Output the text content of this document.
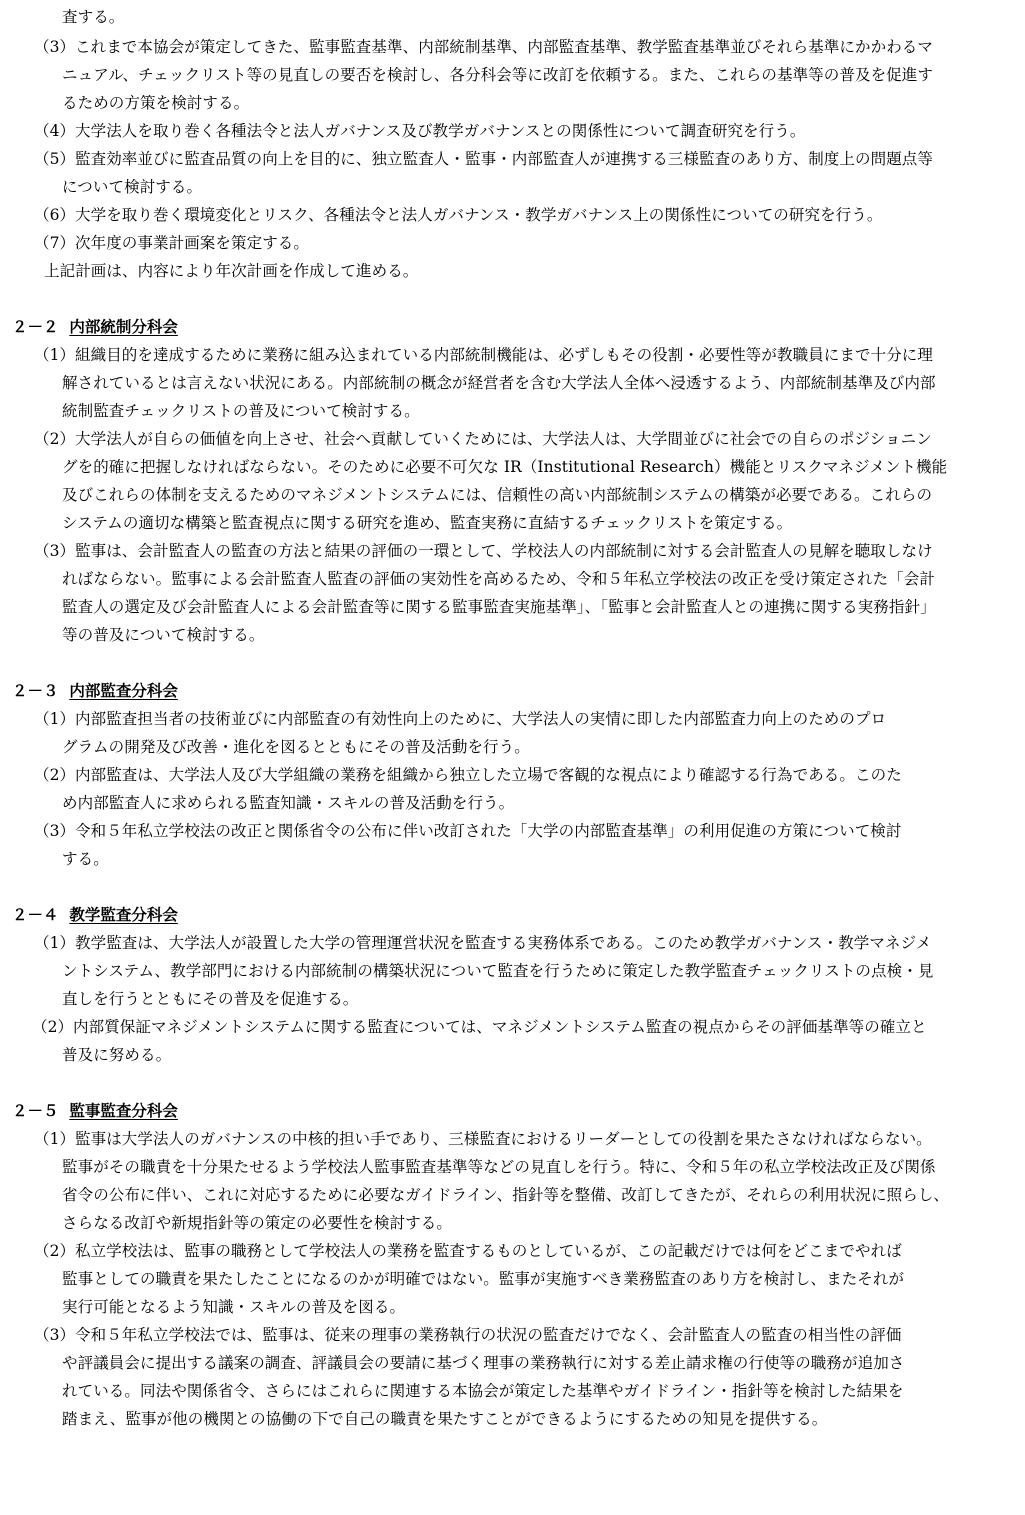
査する。
（3） これまで本協会が策定してきた、監事監査基準、内部統制基準、内部監査基準、教学監査基準並びそれら基準にかかわるマ
ニュアル、チェックリスト等の見直しの要否を検討し、各分科会等に改訂を依頼する。また、これらの基準等の普及を促進す
るための方策を検討する。
（4） 大学法人を取り巻く各種法令と法人ガバナンス及び教学ガバナンスとの関係性について調査研究を行う。
（5） 監査効率並びに監査品質の向上を目的に、独立監査人・監事・内部監査人が連携する三様監査のあり方、制度上の問題点等
について検討する。
（6） 大学を取り巻く環境変化とリスク、各種法令と法人ガバナンス・教学ガバナンス上の関係性についての研究を行う。
（7） 次年度の事業計画案を策定する。
上記計画は、内容により年次計画を作成して進める。
２－２ 内部統制分科会
（1） 組織目的を達成するために業務に組み込まれている内部統制機能は、必ずしもその役割・必要性等が教職員にまで十分に理
解されているとは言えない状況にある。内部統制の概念が経営者を含む大学法人全体へ浸透するよう、内部統制基準及び内部
統制監査チェックリストの普及について検討する。
（2） 大学法人が自らの価値を向上させ、社会へ貢献していくためには、大学法人は、大学間並びに社会での自らのポジショニン
グを的確に把握しなければならない。そのために必要不可欠な IR（Institutional Research）機能とリスクマネジメント機能
及びこれらの体制を支えるためのマネジメントシステムには、信頼性の高い内部統制システムの構築が必要である。これらの
システムの適切な構築と監査視点に関する研究を進め、監査実務に直結するチェックリストを策定する。
（3） 監事は、会計監査人の監査の方法と結果の評価の一環として、学校法人の内部統制に対する会計監査人の見解を聴取しなけ
ればならない。監事による会計監査人監査の評価の実効性を高めるため、令和５年私立学校法の改正を受け策定された「会計
監査人の選定及び会計監査人による会計監査等に関する監事監査実施基準」、「監事と会計監査人との連携に関する実務指針」
等の普及について検討する。
２－３ 内部監査分科会
（1） 内部監査担当者の技術並びに内部監査の有効性向上のために、大学法人の実情に即した内部監査力向上のためのプロ
グラムの開発及び改善・進化を図るとともにその普及活動を行う。
（2） 内部監査は、大学法人及び大学組織の業務を組織から独立した立場で客観的な視点により確認する行為である。このた
め内部監査人に求められる監査知識・スキルの普及活動を行う。
（3） 令和５年私立学校法の改正と関係省令の公布に伴い改訂された「大学の内部監査基準」の利用促進の方策について検討
する。
２－４ 教学監査分科会
（1） 教学監査は、大学法人が設置した大学の管理運営状況を監査する実務体系である。このため教学ガバナンス・教学マネジメ
ントシステム、教学部門における内部統制の構築状況について監査を行うために策定した教学監査チェックリストの点検・見
直しを行うとともにその普及を促進する。
（2） 内部質保証マネジメントシステムに関する監査については、マネジメントシステム監査の視点からその評価基準等の確立と
普及に努める。
２－５ 監事監査分科会
（1） 監事は大学法人のガバナンスの中核的担い手であり、三様監査におけるリーダーとしての役割を果たさなければならない。
監事がその職責を十分果たせるよう学校法人監事監査基準等などの見直しを行う。特に、令和５年の私立学校法改正及び関係
省令の公布に伴い、これに対応するために必要なガイドライン、指針等を整備、改訂してきたが、それらの利用状況に照らし、
さらなる改訂や新規指針等の策定の必要性を検討する。
（2） 私立学校法は、監事の職務として学校法人の業務を監査するものとしているが、この記載だけでは何をどこまでやれば
監事としての職責を果たしたことになるのかが明確ではない。監事が実施すべき業務監査のあり方を検討し、またそれが
実行可能となるよう知識・スキルの普及を図る。
（3） 令和５年私立学校法では、監事は、従来の理事の業務執行の状況の監査だけでなく、会計監査人の監査の相当性の評価
や評議員会に提出する議案の調査、評議員会の要請に基づく理事の業務執行に対する差止請求権の行使等の職務が追加さ
れている。同法や関係省令、さらにはこれらに関連する本協会が策定した基準やガイドライン・指針等を検討した結果を
踏まえ、監事が他の機関との協働の下で自己の職責を果たすことができるようにするための知見を提供する。
